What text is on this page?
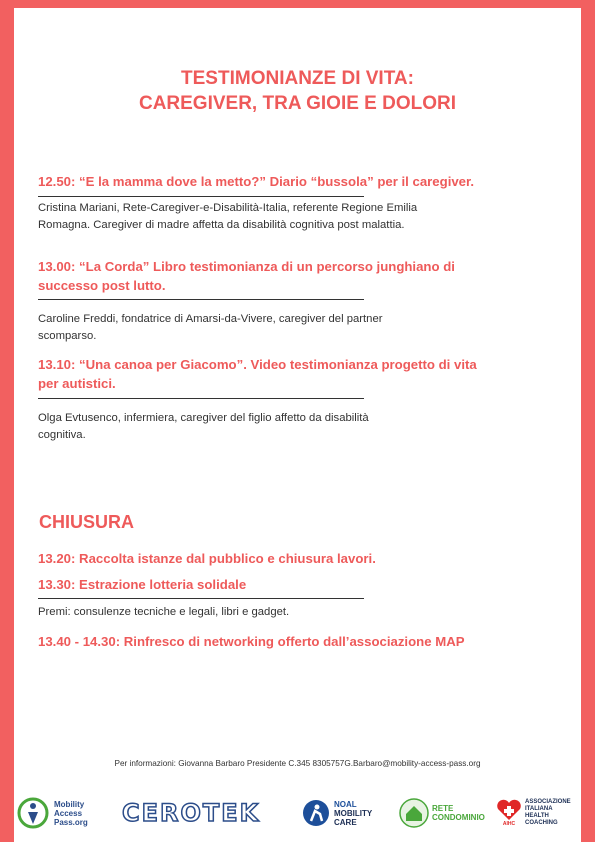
TESTIMONIANZE DI VITA:
CAREGIVER, TRA GIOIE E DOLORI
12.50: “E la mamma dove la metto?” Diario “bussola” per il caregiver.
Cristina Mariani, Rete-Caregiver-e-Disabilità-Italia, referente Regione Emilia
Romagna. Caregiver di madre affetta da disabilità cognitiva post malattia.
13.00: “La Corda” Libro testimonianza di un percorso junghiano di
successo post lutto.
Caroline Freddi, fondatrice di Amarsi-da-Vivere, caregiver del partner
scomparso.
13.10: “Una canoa per Giacomo”. Video testimonianza progetto di vita
per autistici.
Olga Evtusenco, infermiera, caregiver del figlio affetto da disabilità
cognitiva.
CHIUSURA
13.20: Raccolta istanze dal pubblico e chiusura lavori.
13.30: Estrazione lotteria solidale
Premi: consulenze tecniche e legali, libri e gadget.
13.40 - 14.30: Rinfresco di networking offerto dall’associazione MAP
Per informazioni: Giovanna Barbaro Presidente C.345 8305757G.Barbaro@mobility-access-pass.org
Mobility
Access
Pass.org CEROTEK	NOAL
MOBILITY
CARE
RETE
CONDOMINIO
AIHC
ASSOCIAZIONE
ITALIANA
HEALTH
COACHING
